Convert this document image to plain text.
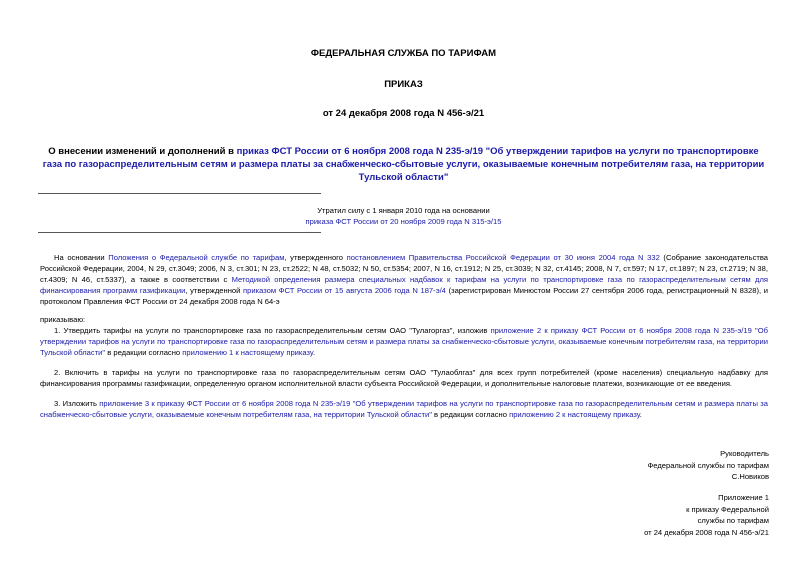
ФЕДЕРАЛЬНАЯ СЛУЖБА ПО ТАРИФАМ
ПРИКАЗ
от 24 декабря 2008 года N 456-э/21
О внесении изменений и дополнений в приказ ФСТ России от 6 ноября 2008 года N 235-э/19 "Об утверждении тарифов на услуги по транспортировке газа по газораспределительным сетям и размера платы за снабженческо-сбытовые услуги, оказываемые конечным потребителям газа, на территории Тульской области"
Утратил силу с 1 января 2010 года на основании
приказа ФСТ России от 20 ноября 2009 года N 315-э/15
На основании Положения о Федеральной службе по тарифам, утвержденного постановлением Правительства Российской Федерации от 30 июня 2004 года N 332 (Собрание законодательства Российской Федерации, 2004, N 29, ст.3049; 2006, N 3, ст.301; N 23, ст.2522; N 48, ст.5032; N 50, ст.5354; 2007, N 16, ст.1912; N 25, ст.3039; N 32, ст.4145; 2008, N 7, ст.597; N 17, ст.1897; N 23, ст.2719; N 38, ст.4309; N 46, ст.5337), а также в соответствии с Методикой определения размера специальных надбавок к тарифам на услуги по транспортировке газа по газораспределительным сетям для финансирования программ газификации, утвержденной приказом ФСТ России от 15 августа 2006 года N 187-э/4 (зарегистрирован Минюстом России 27 сентября 2006 года, регистрационный N 8328), и протоколом Правления ФСТ России от 24 декабря 2008 года N 64-э
приказываю:
1. Утвердить тарифы на услуги по транспортировке газа по газораспределительным сетям ОАО "Тулагоргаз", изложив приложение 2 к приказу ФСТ России от 6 ноября 2008 года N 235-э/19 "Об утверждении тарифов на услуги по транспортировке газа по газораспределительным сетям и размера платы за снабженческо-сбытовые услуги, оказываемые конечным потребителям газа, на территории Тульской области" в редакции согласно приложению 1 к настоящему приказу.
2. Включить в тарифы на услуги по транспортировке газа по газораспределительным сетям ОАО "Тулаоблгаз" для всех групп потребителей (кроме населения) специальную надбавку для финансирования программы газификации, определенную органом исполнительной власти субъекта Российской Федерации, и дополнительные налоговые платежи, возникающие от ее введения.
3. Изложить приложение 3 к приказу ФСТ России от 6 ноября 2008 года N 235-э/19 "Об утверждении тарифов на услуги по транспортировке газа по газораспределительным сетям и размера платы за снабженческо-сбытовые услуги, оказываемые конечным потребителям газа, на территории Тульской области" в редакции согласно приложению 2 к настоящему приказу.
Руководитель
Федеральной службы по тарифам
С.Новиков
Приложение 1
к приказу Федеральной
службы по тарифам
от 24 декабря 2008 года N 456-э/21
